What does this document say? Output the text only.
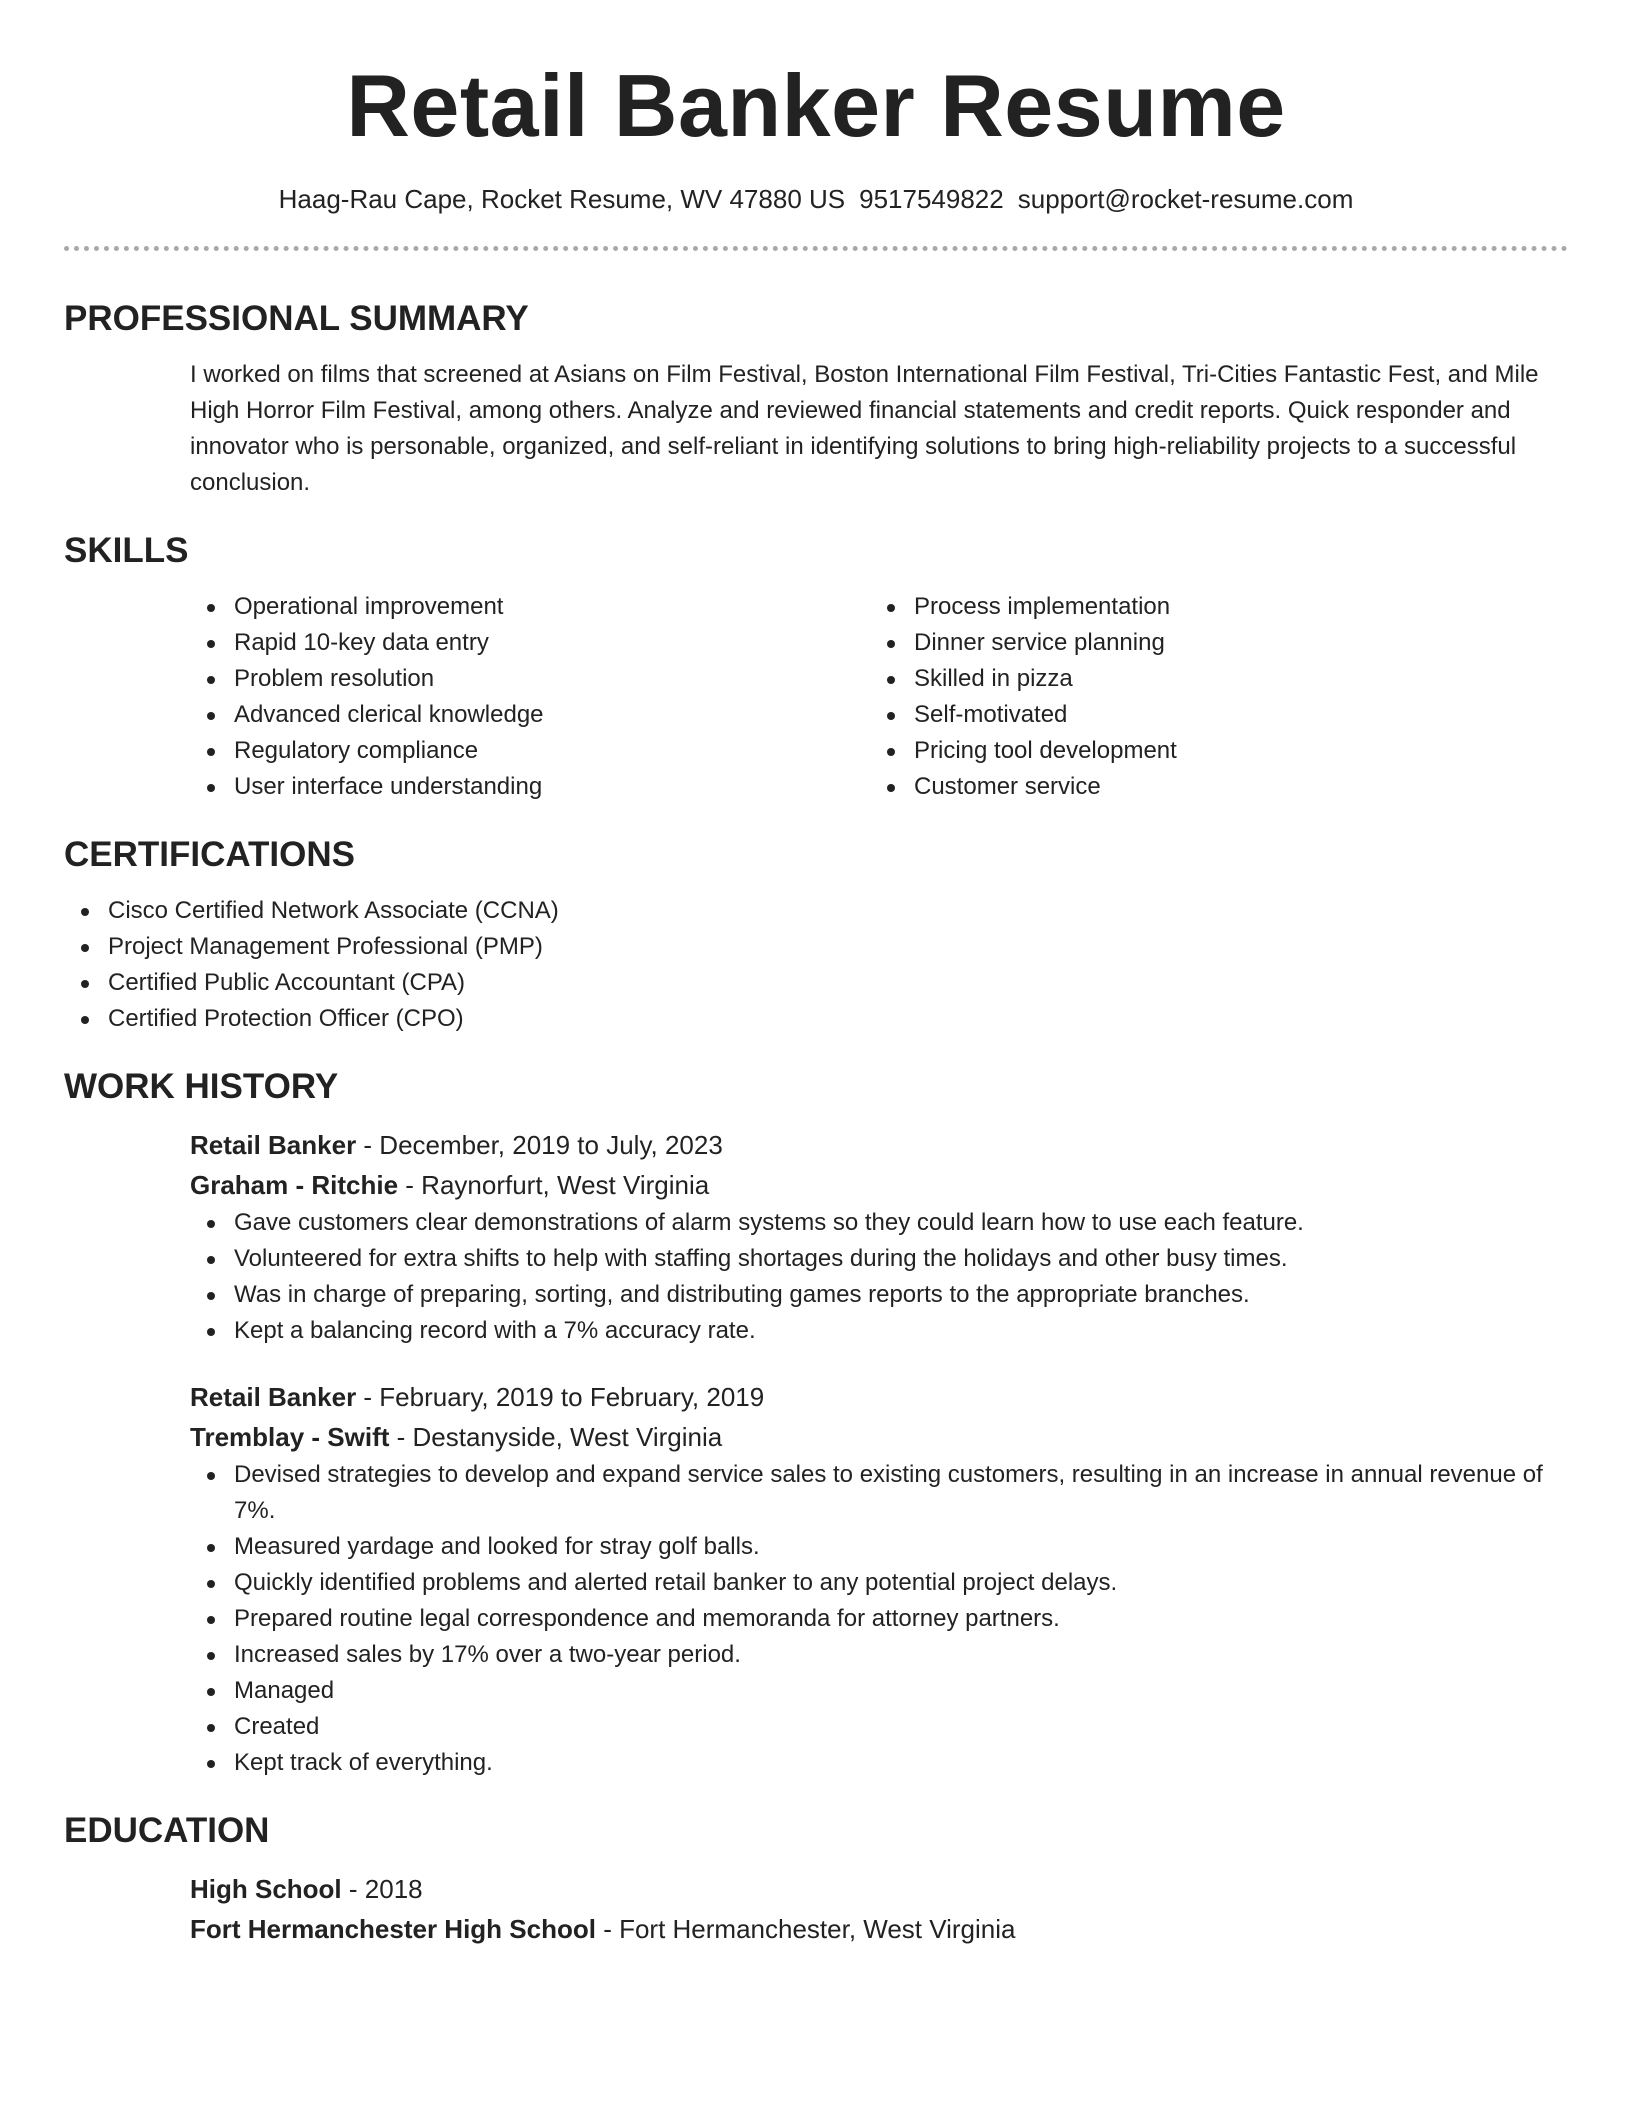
Retail Banker Resume
Haag-Rau Cape, Rocket Resume, WV 47880 US 9517549822 support@rocket-resume.com
PROFESSIONAL SUMMARY
I worked on films that screened at Asians on Film Festival, Boston International Film Festival, Tri-Cities Fantastic Fest, and Mile High Horror Film Festival, among others. Analyze and reviewed financial statements and credit reports. Quick responder and innovator who is personable, organized, and self-reliant in identifying solutions to bring high-reliability projects to a successful conclusion.
SKILLS
Operational improvement
Rapid 10-key data entry
Problem resolution
Advanced clerical knowledge
Regulatory compliance
User interface understanding
Process implementation
Dinner service planning
Skilled in pizza
Self-motivated
Pricing tool development
Customer service
CERTIFICATIONS
Cisco Certified Network Associate (CCNA)
Project Management Professional (PMP)
Certified Public Accountant (CPA)
Certified Protection Officer (CPO)
WORK HISTORY
Retail Banker - December, 2019 to July, 2023
Graham - Ritchie - Raynorfurt, West Virginia
Gave customers clear demonstrations of alarm systems so they could learn how to use each feature.
Volunteered for extra shifts to help with staffing shortages during the holidays and other busy times.
Was in charge of preparing, sorting, and distributing games reports to the appropriate branches.
Kept a balancing record with a 7% accuracy rate.
Retail Banker - February, 2019 to February, 2019
Tremblay - Swift - Destanyside, West Virginia
Devised strategies to develop and expand service sales to existing customers, resulting in an increase in annual revenue of 7%.
Measured yardage and looked for stray golf balls.
Quickly identified problems and alerted retail banker to any potential project delays.
Prepared routine legal correspondence and memoranda for attorney partners.
Increased sales by 17% over a two-year period.
Managed
Created
Kept track of everything.
EDUCATION
High School - 2018
Fort Hermanchester High School - Fort Hermanchester, West Virginia
